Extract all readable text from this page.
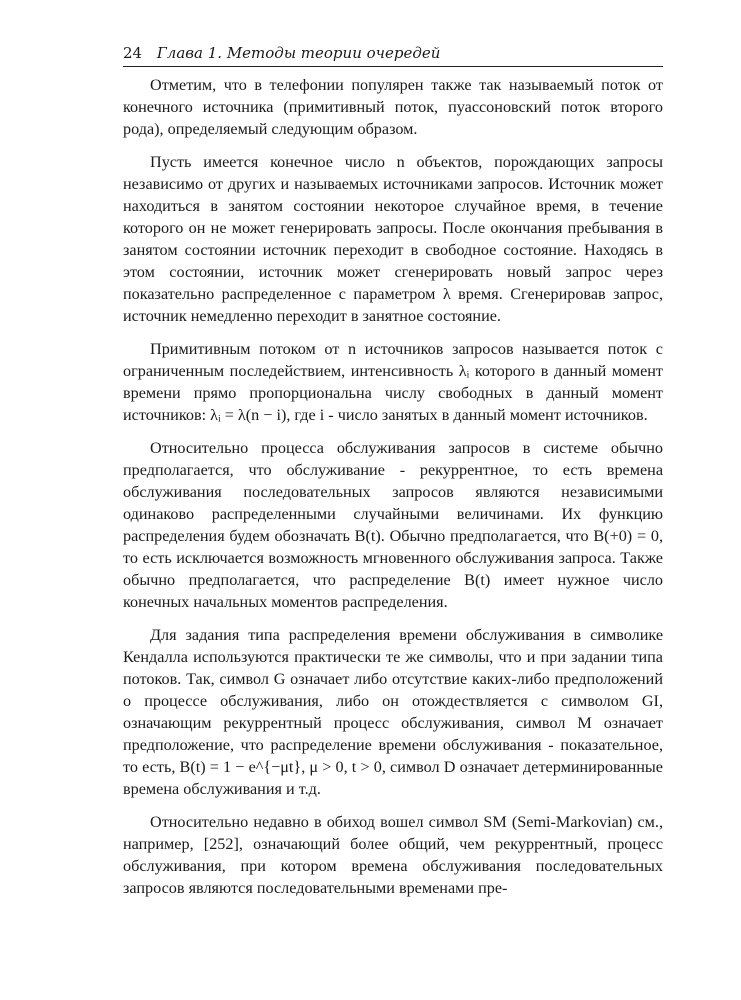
24 Глава 1. Методы теории очередей

Отметим, что в телефонии популярен также так называемый поток от конечного источника (примитивный поток, пуассоновский поток второго рода), определяемый следующим образом.

Пусть имеется конечное число n объектов, порождающих запросы независимо от других и называемых источниками запросов. Источник может находиться в занятом состоянии некоторое случайное время, в течение которого он не может генерировать запросы. После окончания пребывания в занятом состоянии источник переходит в свободное состояние. Находясь в этом состоянии, источник может сгенерировать новый запрос через показательно распределенное с параметром λ время. Сгенерировав запрос, источник немедленно переходит в занятное состояние.

Примитивным потоком от n источников запросов называется поток с ограниченным последействием, интенсивность λᵢ которого в данный момент времени прямо пропорциональна числу свободных в данный момент источников: λᵢ = λ(n − i), где i - число занятых в данный момент источников.

Относительно процесса обслуживания запросов в системе обычно предполагается, что обслуживание - рекуррентное, то есть времена обслуживания последовательных запросов являются независимыми одинаково распределенными случайными величинами. Их функцию распределения будем обозначать B(t). Обычно предполагается, что B(+0) = 0, то есть исключается возможность мгновенного обслуживания запроса. Также обычно предполагается, что распределение B(t) имеет нужное число конечных начальных моментов распределения.

Для задания типа распределения времени обслуживания в символике Кендалла используются практически те же символы, что и при задании типа потоков. Так, символ G означает либо отсутствие каких-либо предположений о процессе обслуживания, либо он отождествляется с символом GI, означающим рекуррентный процесс обслуживания, символ M означает предположение, что распределение времени обслуживания - показательное, то есть, B(t) = 1 − e^{−μt}, μ > 0, t > 0, символ D означает детерминированные времена обслуживания и т.д.

Относительно недавно в обиход вошел символ SM (Semi-Markovian) см., например, [252], означающий более общий, чем рекуррентный, процесс обслуживания, при котором времена обслуживания последовательных запросов являются последовательными временами пре-
